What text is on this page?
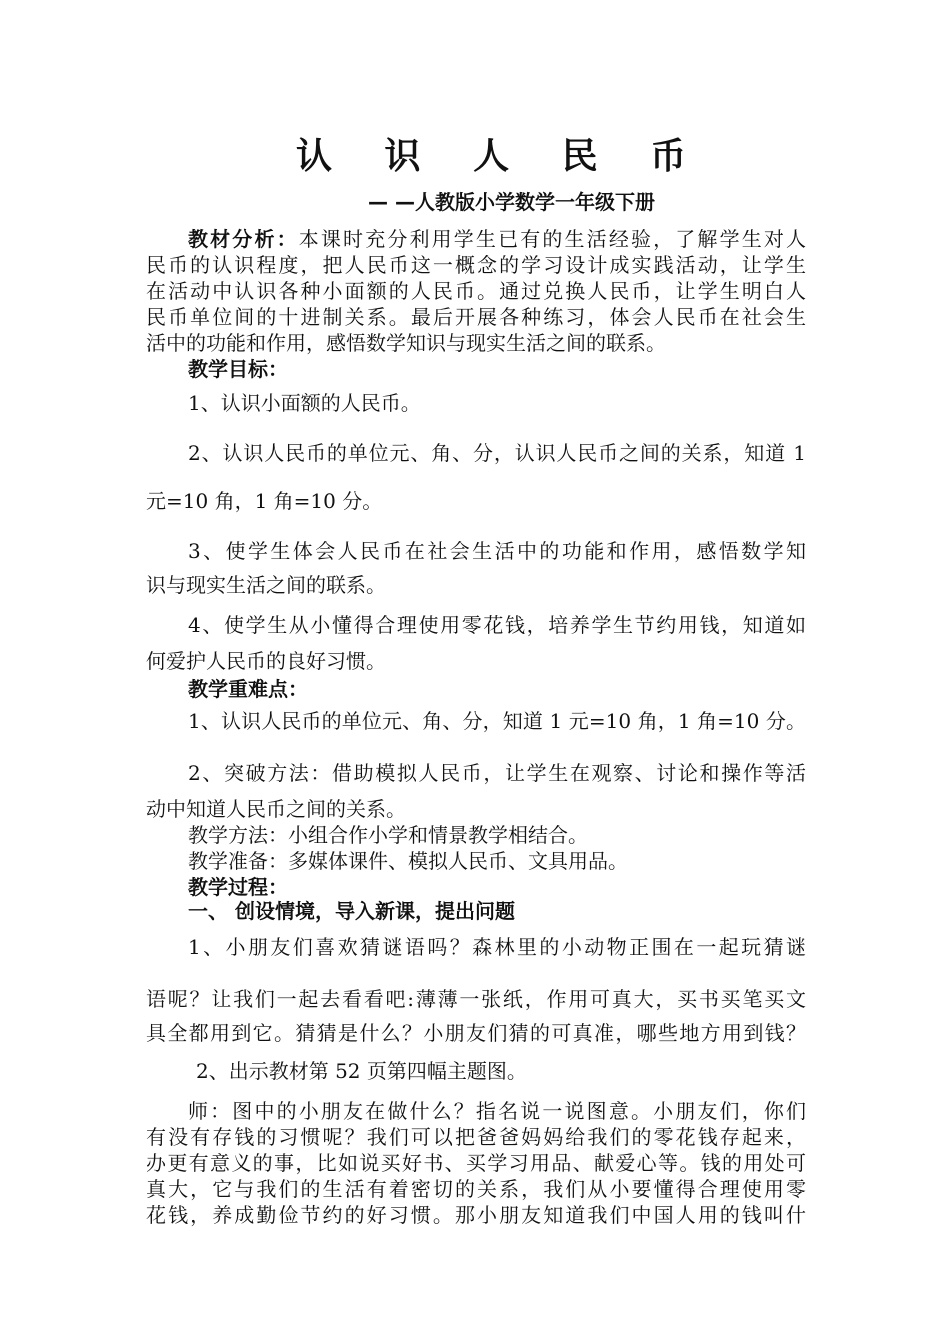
认 识 人 民 币
— —人教版小学数学一年级下册
教材分析：本课时充分利用学生已有的生活经验，了解学生对人
民币的认识程度，把人民币这一概念的学习设计成实践活动，让学生
在活动中认识各种小面额的人民币。通过兑换人民币，让学生明白人
民币单位间的十进制关系。最后开展各种练习，体会人民币在社会生
活中的功能和作用，感悟数学知识与现实生活之间的联系。
教学目标：
1、认识小面额的人民币。
2、认识人民币的单位元、角、分，认识人民币之间的关系，知道 1
元=10 角，1 角=10 分。
3、使学生体会人民币在社会生活中的功能和作用，感悟数学知
识与现实生活之间的联系。
4、使学生从小懂得合理使用零花钱，培养学生节约用钱，知道如
何爱护人民币的良好习惯。
教学重难点：
1、认识人民币的单位元、角、分，知道 1 元=10 角，1 角=10 分。
2、突破方法：借助模拟人民币，让学生在观察、讨论和操作等活
动中知道人民币之间的关系。
教学方法：小组合作小学和情景教学相结合。
教学准备：多媒体课件、模拟人民币、文具用品。
教学过程：
一、 创设情境，导入新课，提出问题
1、小朋友们喜欢猜谜语吗？森林里的小动物正围在一起玩猜谜
语呢？让我们一起去看看吧:薄薄一张纸，作用可真大，买书买笔买文
具全都用到它。猜猜是什么？小朋友们猜的可真准，哪些地方用到钱？
2、出示教材第 52 页第四幅主题图。
师：图中的小朋友在做什么？指名说一说图意。小朋友们，你们
有没有存钱的习惯呢？我们可以把爸爸妈妈给我们的零花钱存起来，
办更有意义的事，比如说买好书、买学习用品、献爱心等。钱的用处可
真大，它与我们的生活有着密切的关系，我们从小要懂得合理使用零
花钱，养成勤俭节约的好习惯。那小朋友知道我们中国人用的钱叫什
